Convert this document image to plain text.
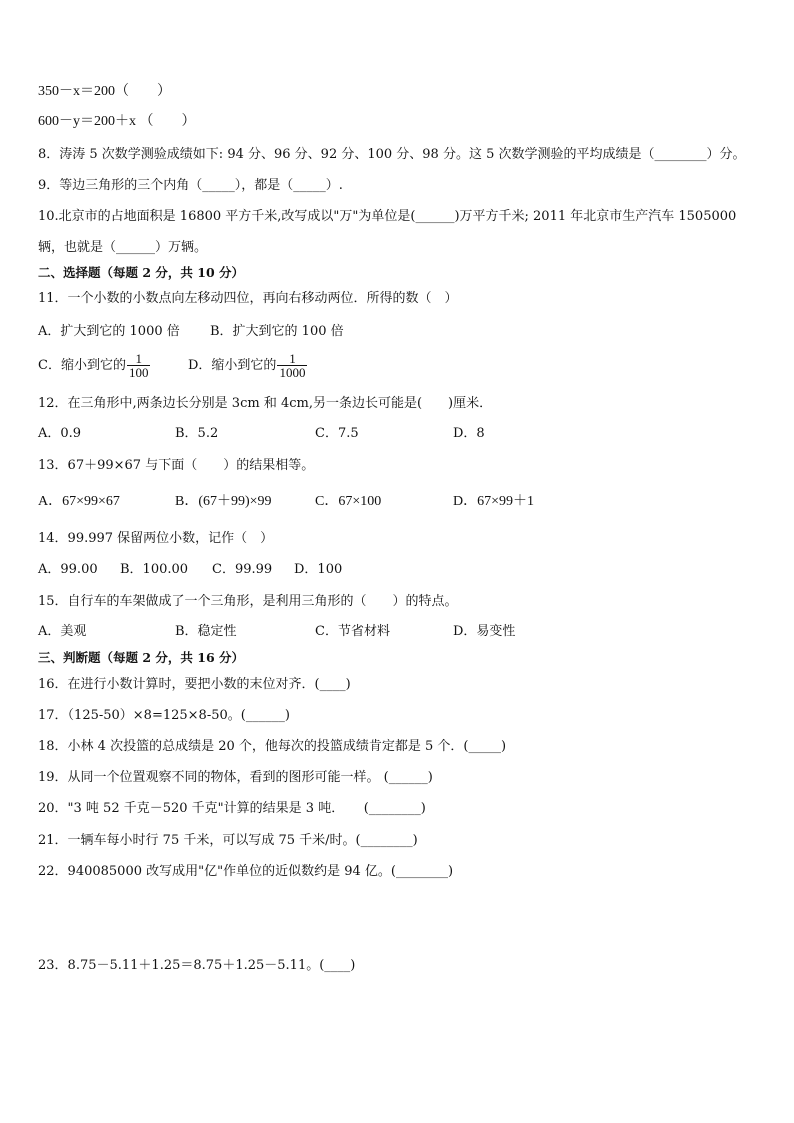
350－x＝200（　　）
600－y＝200＋x （　　）
8．涛涛 5 次数学测验成绩如下: 94 分、96 分、92 分、100 分、98 分。这 5 次数学测验的平均成绩是（________）分。
9．等边三角形的三个内角（_____），都是（_____）.
10.北京市的占地面积是 16800 平方千米,改写成以"万"为单位是(______)万平方千米; 2011 年北京市生产汽车 1505000
辆，也就是（______）万辆。
二、选择题（每题 2 分，共 10 分）
11．一个小数的小数点向左移动四位，再向右移动两位．所得的数（　）
A．扩大到它的 1000 倍 B．扩大到它的 100 倍
C．缩小到它的 $\frac{1}{100}$	D．缩小到它的 $\frac{1}{1000}$
12．在三角形中,两条边长分别是 3cm 和 4cm,另一条边长可能是(　　)厘米．
A．0.9	B．5.2	C．7.5	D．8
13．67＋99×67 与下面（　　）的结果相等。
A．67×99×67	B．(67＋99)×99	C．67×100	D．67×99＋1
14．99.997 保留两位小数，记作（　）
A．99.00 B．100.00 C．99.99 D．100
15．自行车的车架做成了一个三角形，是利用三角形的（　　）的特点。
A．美观	B．稳定性	C．节省材料	D．易变性
三、判断题（每题 2 分，共 16 分）
16．在进行小数计算时，要把小数的末位对齐．(____)
17．（125-50）×8=125×8-50。(______)
18．小林 4 次投篮的总成绩是 20 个，他每次的投篮成绩肯定都是 5 个．(_____)
19．从同一个位置观察不同的物体，看到的图形可能一样。 (______)
20．"3 吨 52 千克－520 千克"计算的结果是 3 吨．　　(________)
21．一辆车每小时行 75 千米，可以写成 75 千米/时。(________)
22．940085000 改写成用"亿"作单位的近似数约是 94 亿。(________)
23．8.75－5.11＋1.25＝8.75＋1.25－5.11。(____)
